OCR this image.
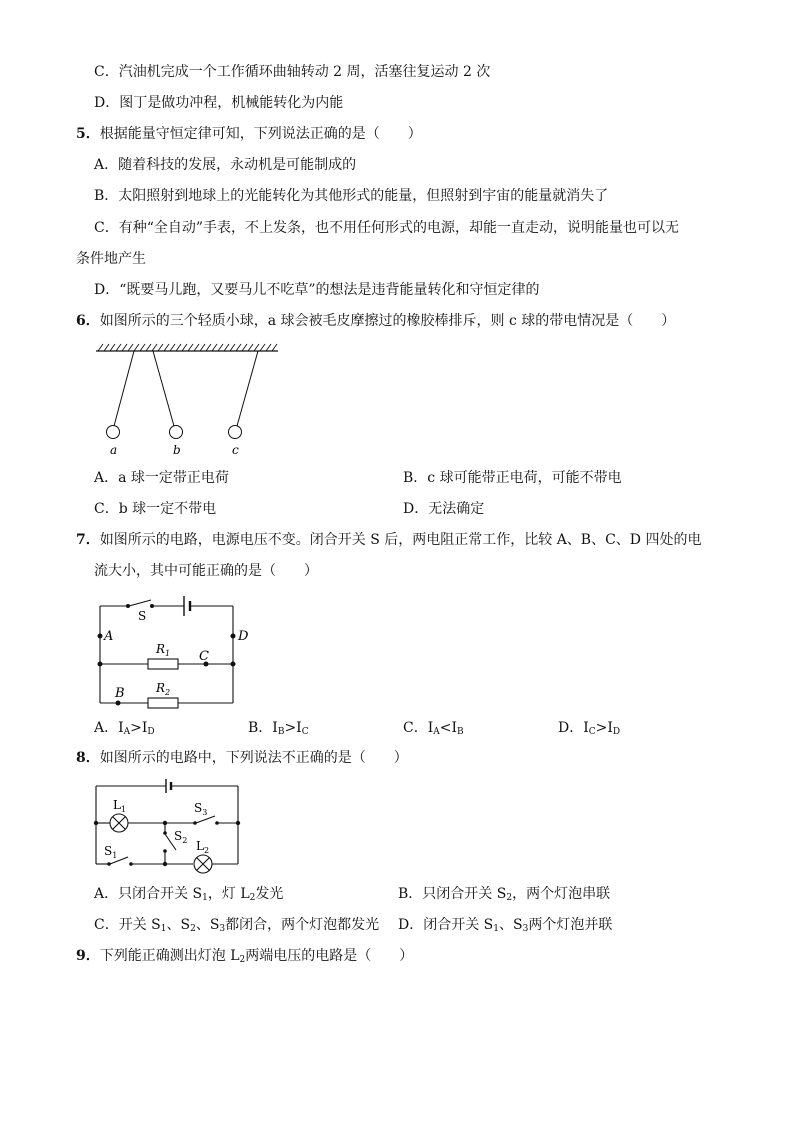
C．汽油机完成一个工作循环曲轴转动 2 周，活塞往复运动 2 次
D．图丁是做功冲程，机械能转化为内能
5．根据能量守恒定律可知，下列说法正确的是（　　）
A．随着科技的发展，永动机是可能制成的
B．太阳照射到地球上的光能转化为其他形式的能量，但照射到宇宙的能量就消失了
C．有种“全自动”手表，不上发条，也不用任何形式的电源，却能一直走动，说明能量也可以无
条件地产生
D．“既要马儿跑，又要马儿不吃草”的想法是违背能量转化和守恒定律的
6．如图所示的三个轻质小球，a 球会被毛皮摩擦过的橡胶棒排斥，则 c 球的带电情况是（　　）
a	b	c
A．a 球一定带正电荷	B．c 球可能带正电荷，可能不带电
C．b 球一定不带电	D．无法确定
7．如图所示的电路，电源电压不变。闭合开关 S 后，两电阻正常工作，比较 A、B、C、D 四处的电
流大小，其中可能正确的是（　　）
S
A	D
C
B
$R_1$
$R_2$
A．$I_A>I_D$	B．$I_B>I_C$	C．$I_A<I_B$	D．$I_C>I_D$
8．如图所示的电路中，下列说法不正确的是（　　）
$L_1$	$S_3$
$S_2$ $L_2$
$S_1$
A．只闭合开关 $S_1$，灯 $L_2$发光	B．只闭合开关 $S_2$，两个灯泡串联
C．开关 $S_1$、$S_2$、$S_3$都闭合，两个灯泡都发光 D．闭合开关 $S_1$、$S_3$两个灯泡并联
9．下列能正确测出灯泡 $L_2$两端电压的电路是（　　）
